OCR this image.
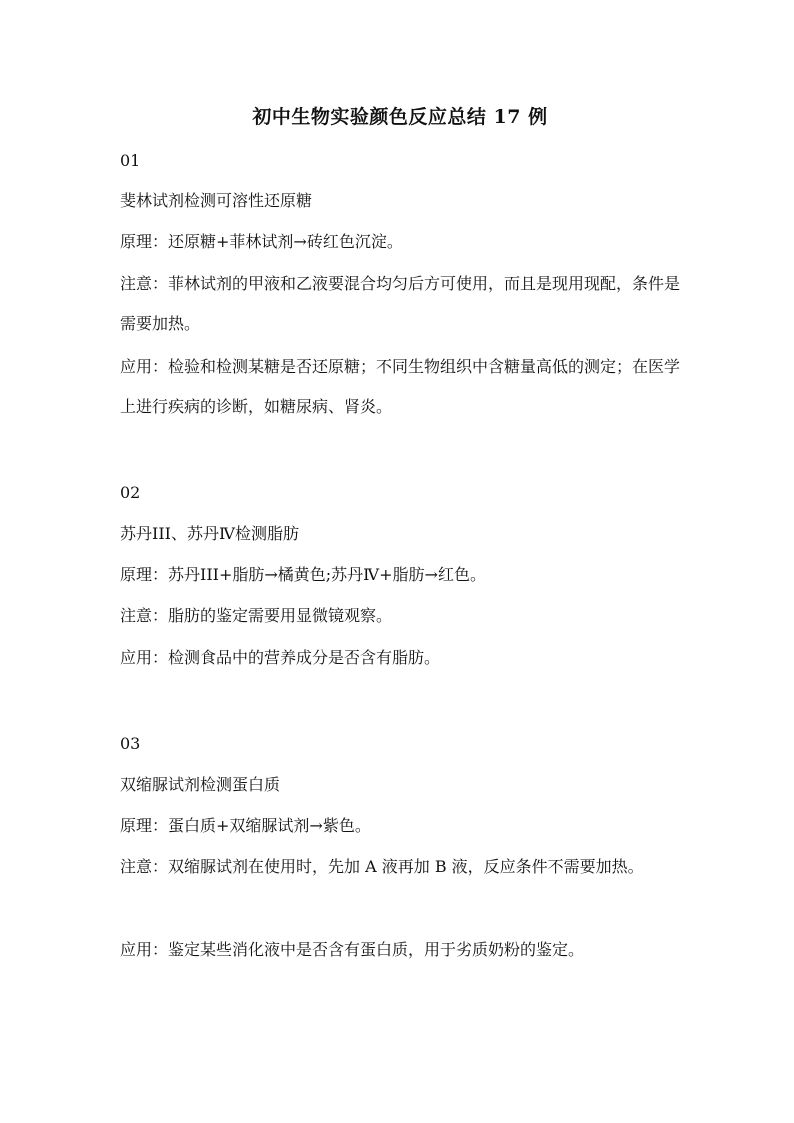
初中生物实验颜色反应总结 17 例
01
斐林试剂检测可溶性还原糖
原理：还原糖+菲林试剂→砖红色沉淀。
注意：菲林试剂的甲液和乙液要混合均匀后方可使用，而且是现用现配，条件是需要加热。
应用：检验和检测某糖是否还原糖；不同生物组织中含糖量高低的测定；在医学上进行疾病的诊断，如糖尿病、肾炎。
02
苏丹III、苏丹Ⅳ检测脂肪
原理：苏丹III+脂肪→橘黄色;苏丹Ⅳ+脂肪→红色。
注意：脂肪的鉴定需要用显微镜观察。
应用：检测食品中的营养成分是否含有脂肪。
03
双缩脲试剂检测蛋白质
原理：蛋白质+双缩脲试剂→紫色。
注意：双缩脲试剂在使用时，先加 A 液再加 B 液，反应条件不需要加热。
应用：鉴定某些消化液中是否含有蛋白质，用于劣质奶粉的鉴定。
